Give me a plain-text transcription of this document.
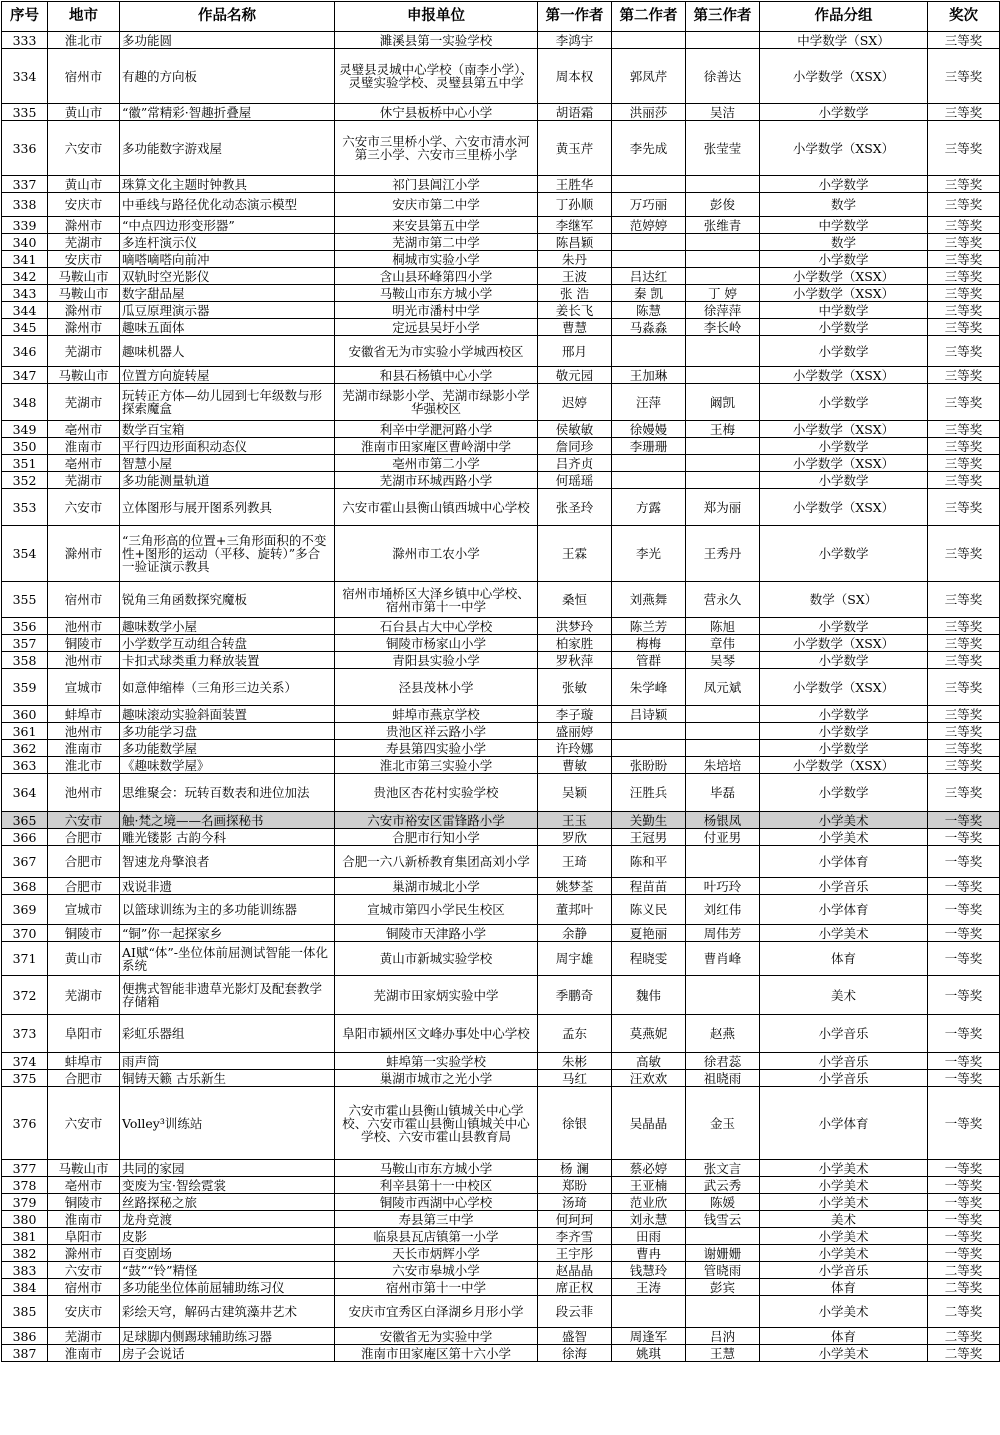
序号	地市	作品名称	申报单位	第一作者	第二作者	第三作者	作品分组	奖次
333	淮北市	多功能圆	濉溪县第一实验学校	李鸿宇			中学数学（SX）	三等奖
334	宿州市	有趣的方向板	灵璧县灵城中心学校（南李小学）、灵璧实验学校、灵璧县第五中学	周本权	郭凤芹	徐善达	小学数学（XSX）	三等奖
335	黄山市	“徽”常精彩·智趣折叠屋	休宁县板桥中心小学	胡语霜	洪丽莎	吴洁	小学数学	三等奖
336	六安市	多功能数字游戏屋	六安市三里桥小学、六安市清水河第三小学、六安市三里桥小学	黄玉芹	李先成	张莹莹	小学数学（XSX）	三等奖
337	黄山市	珠算文化主题时钟教具	祁门县阊江小学	王胜华			小学数学	三等奖
338	安庆市	中垂线与路径优化动态演示模型	安庆市第二中学	丁孙顺	万巧丽	彭俊	数学	三等奖
339	滁州市	“中点四边形变形器”	来安县第五中学	李继军	范婷婷	张维青	中学数学	三等奖
340	芜湖市	多连杆演示仪	芜湖市第二中学	陈昌颖			数学	三等奖
341	安庆市	嘀嗒嘀嗒向前冲	桐城市实验小学	朱丹			小学数学	三等奖
342	马鞍山市	双轨时空光影仪	含山县环峰第四小学	王波	吕达红		小学数学（XSX）	三等奖
343	马鞍山市	数字甜品屋	马鞍山市东方城小学	张 浩	秦 凯	丁 婷	小学数学（XSX）	三等奖
344	滁州市	瓜豆原理演示器	明光市潘村中学	姜长飞	陈慧	徐萍萍	中学数学	三等奖
345	滁州市	趣味五面体	定远县吴圩小学	曹慧	马淼淼	李长岭	小学数学	三等奖
346	芜湖市	趣味机器人	安徽省无为市实验小学城西校区	邢月			小学数学	三等奖
347	马鞍山市	位置方向旋转屋	和县石杨镇中心小学	敬元园	王加琳		小学数学（XSX）	三等奖
348	芜湖市	玩转正方体—幼儿园到七年级数与形探索魔盒	芜湖市绿影小学、芜湖市绿影小学华强校区	迟婷	汪萍	阚凯	小学数学	三等奖
349	亳州市	数学百宝箱	利辛中学淝河路小学	侯敏敏	徐嫚嫚	王梅	小学数学（XSX）	三等奖
350	淮南市	平行四边形面积动态仪	淮南市田家庵区曹岭湖中学	詹同珍	李珊珊		小学数学	三等奖
351	亳州市	智慧小屋	亳州市第二小学	吕齐贞			小学数学（XSX）	三等奖
352	芜湖市	多功能测量轨道	芜湖市环城西路小学	何瑶瑶			小学数学	三等奖
353	六安市	立体图形与展开图系列教具	六安市霍山县衡山镇西城中心学校	张圣玲	方露	郑为丽	小学数学（XSX）	三等奖
354	滁州市	“三角形高的位置+三角形面积的不变性+图形的运动（平移、旋转）”多合一验证演示教具	滁州市工农小学	王霖	李光	王秀丹	小学数学	三等奖
355	宿州市	锐角三角函数探究魔板	宿州市埇桥区大泽乡镇中心学校、宿州市第十一中学	桑恒	刘燕舞	营永久	数学（SX）	三等奖
356	池州市	趣味数学小屋	石台县占大中心学校	洪梦玲	陈兰芳	陈旭	小学数学	三等奖
357	铜陵市	小学数学互动组合转盘	铜陵市杨家山小学	柏家胜	梅梅	章伟	小学数学（XSX）	三等奖
358	池州市	卡扣式球类重力释放装置	青阳县实验小学	罗秋萍	管群	吴琴	小学数学	三等奖
359	宣城市	如意伸缩棒（三角形三边关系）	泾县茂林小学	张敏	朱学峰	凤元斌	小学数学（XSX）	三等奖
360	蚌埠市	趣味滚动实验斜面装置	蚌埠市燕京学校	李子璇	吕诗颖		小学数学	三等奖
361	池州市	多功能学习盘	贵池区祥云路小学	盛丽婷			小学数学	三等奖
362	淮南市	多功能数学屋	寿县第四实验小学	许玲娜			小学数学	三等奖
363	淮北市	《趣味数学屋》	淮北市第三实验小学	曹敏	张盼盼	朱培培	小学数学（XSX）	三等奖
364	池州市	思维聚会：玩转百数表和进位加法	贵池区杏花村实验学校	吴颖	汪胜兵	毕磊	小学数学	三等奖
365	六安市	触·梵之境——名画探秘书	六安市裕安区雷锋路小学	王玉	关勤生	杨银凤	小学美术	一等奖
366	合肥市	雕光镂影 古韵今科	合肥市行知小学	罗欣	王冠男	付亚男	小学美术	一等奖
367	合肥市	智速龙舟擎浪者	合肥一六八新桥教育集团高刘小学	王琦	陈和平		小学体育	一等奖
368	合肥市	戏说非遗	巢湖市城北小学	姚梦荃	程苗苗	叶巧玲	小学音乐	一等奖
369	宣城市	以篮球训练为主的多功能训练器	宣城市第四小学民生校区	董邦叶	陈义民	刘红伟	小学体育	一等奖
370	铜陵市	“铜”你一起探家乡	铜陵市天津路小学	余静	夏艳丽	周伟芳	小学美术	一等奖
371	黄山市	AI赋“体”-坐位体前屈测试智能一体化系统	黄山市新城实验学校	周宇雄	程晓雯	曹肖峰	体育	一等奖
372	芜湖市	便携式智能非遗草光影灯及配套教学存储箱	芜湖市田家炳实验中学	季鹏奇	魏伟		美术	一等奖
373	阜阳市	彩虹乐器组	阜阳市颍州区文峰办事处中心学校	孟东	莫燕妮	赵燕	小学音乐	一等奖
374	蚌埠市	雨声筒	蚌埠第一实验学校	朱彬	高敏	徐君蕊	小学音乐	一等奖
375	合肥市	铜铸天籁 古乐新生	巢湖市城市之光小学	马红	汪欢欢	祖晓雨	小学音乐	一等奖
376	六安市	Volley³训练站	六安市霍山县衡山镇城关中心学校、六安市霍山县衡山镇城关中心学校、六安市霍山县教育局	徐银	吴晶晶	金玉	小学体育	一等奖
377	马鞍山市	共同的家园	马鞍山市东方城小学	杨 澜	蔡必婷	张文言	小学美术	一等奖
378	亳州市	变废为宝·智绘霓裳	利辛县第十一中校区	郑盼	王亚楠	武云秀	小学美术	一等奖
379	铜陵市	丝路探秘之旅	铜陵市西湖中心学校	汤琦	范业欣	陈媛	小学美术	一等奖
380	淮南市	龙舟竞渡	寿县第三中学	何珂珂	刘永慧	钱雪云	美术	一等奖
381	阜阳市	皮影	临泉县瓦店镇第一小学	李齐雪	田雨		小学美术	一等奖
382	滁州市	百变剧场	天长市炳辉小学	王宇彤	曹冉	谢姗姗	小学美术	一等奖
383	六安市	“鼓”“铃”精怪	六安市皋城小学	赵晶晶	钱慧玲	管晓雨	小学音乐	二等奖
384	宿州市	多功能坐位体前屈辅助练习仪	宿州市第十一中学	席正权	王涛	彭宾	体育	二等奖
385	安庆市	彩绘天穹，解码古建筑藻井艺术	安庆市宜秀区白泽湖乡月形小学	段云菲			小学美术	二等奖
386	芜湖市	足球脚内侧踢球辅助练习器	安徽省无为实验中学	盛智	周逢军	吕汭	体育	二等奖
387	淮南市	房子会说话	淮南市田家庵区第十六小学	徐海	姚琪	王慧	小学美术	二等奖
